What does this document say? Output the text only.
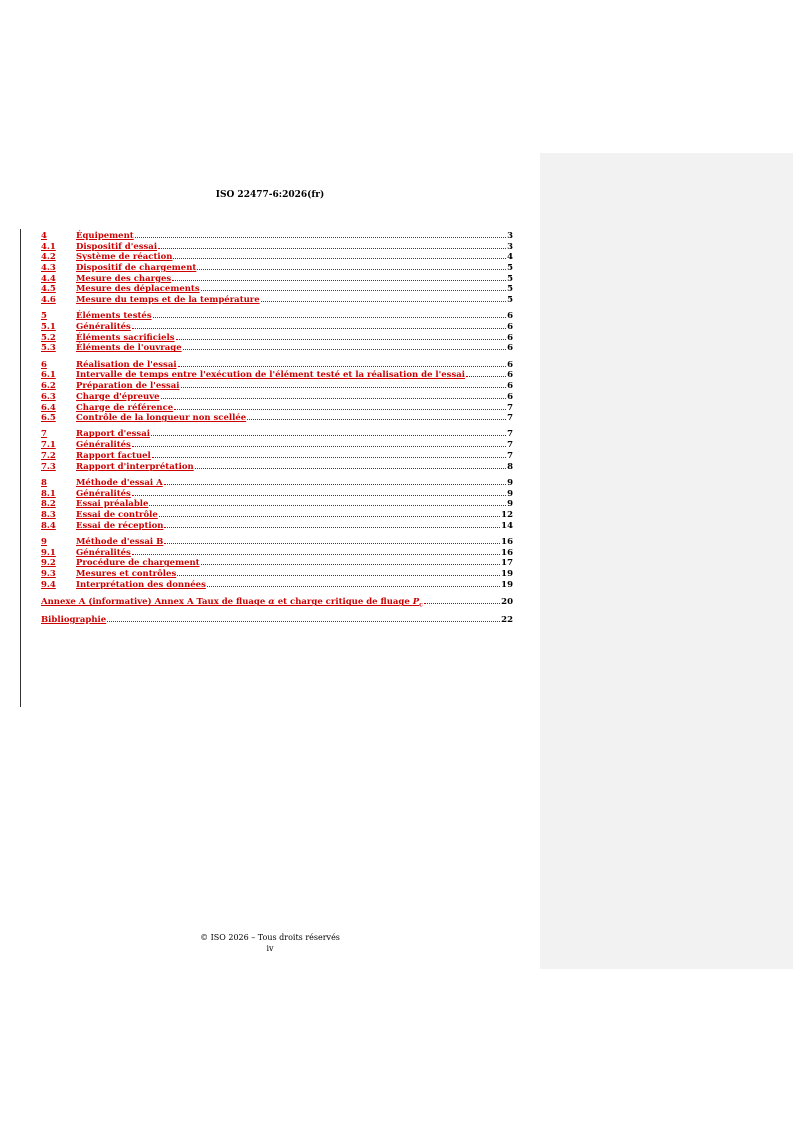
ISO 22477-6:2026(fr)
4	Équipement	3
4.1	Dispositif d'essai	3
4.2	Système de réaction	4
4.3	Dispositif de chargement	5
4.4	Mesure des charges	5
4.5	Mesure des déplacements	5
4.6	Mesure du temps et de la température	5
5	Éléments testés	6
5.1	Généralités	6
5.2	Éléments sacrificiels	6
5.3	Éléments de l'ouvrage	6
6	Réalisation de l'essai	6
6.1	Intervalle de temps entre l'exécution de l'élément testé et la réalisation de l'essai	6
6.2	Préparation de l'essai	6
6.3	Charge d'épreuve	6
6.4	Charge de référence	7
6.5	Contrôle de la longueur non scellée	7
7	Rapport d'essai	7
7.1	Généralités	7
7.2	Rapport factuel	7
7.3	Rapport d'interprétation	8
8	Méthode d'essai A	9
8.1	Généralités	9
8.2	Essai préalable	9
8.3	Essai de contrôle	12
8.4	Essai de réception	14
9	Méthode d'essai B	16
9.1	Généralités	16
9.2	Procédure de chargement	17
9.3	Mesures et contrôles	19
9.4	Interprétation des données	19
Annexe A (informative) Annex A Taux de fluage α et charge critique de fluage $P_c$	20
Bibliographie	22
© ISO 2026 – Tous droits réservés
iv
